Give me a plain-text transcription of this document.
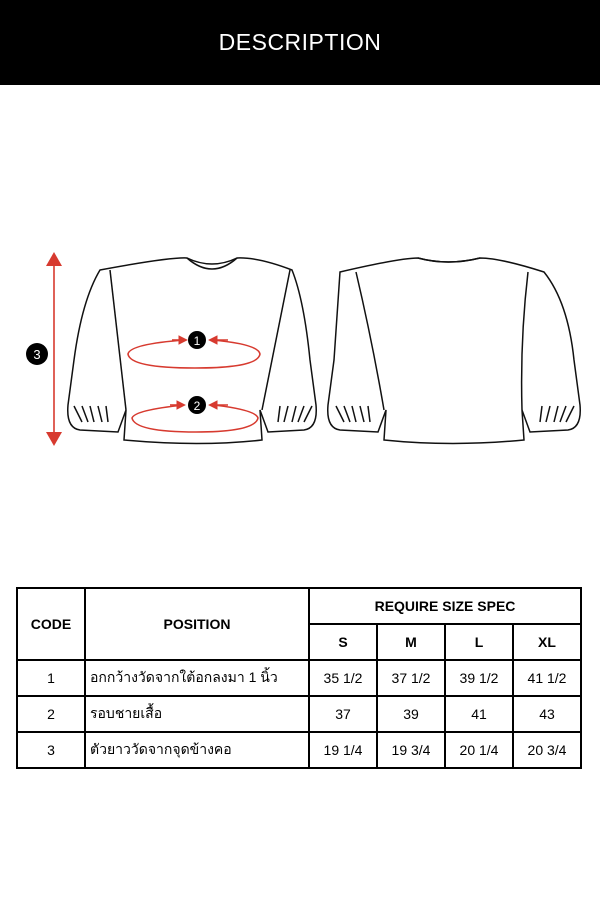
DESCRIPTION
1
2
3
CODE	POSITION	REQUIRE SIZE SPEC			
		S	M	L	XL
1	อกกว้างวัดจากใต้อกลงมา 1 นิ้ว	35 1/2	37 1/2	39 1/2	41 1/2
2	รอบชายเสื้อ	37	39	41	43
3	ตัวยาววัดจากจุดข้างคอ	19 1/4	19 3/4	20 1/4	20 3/4
